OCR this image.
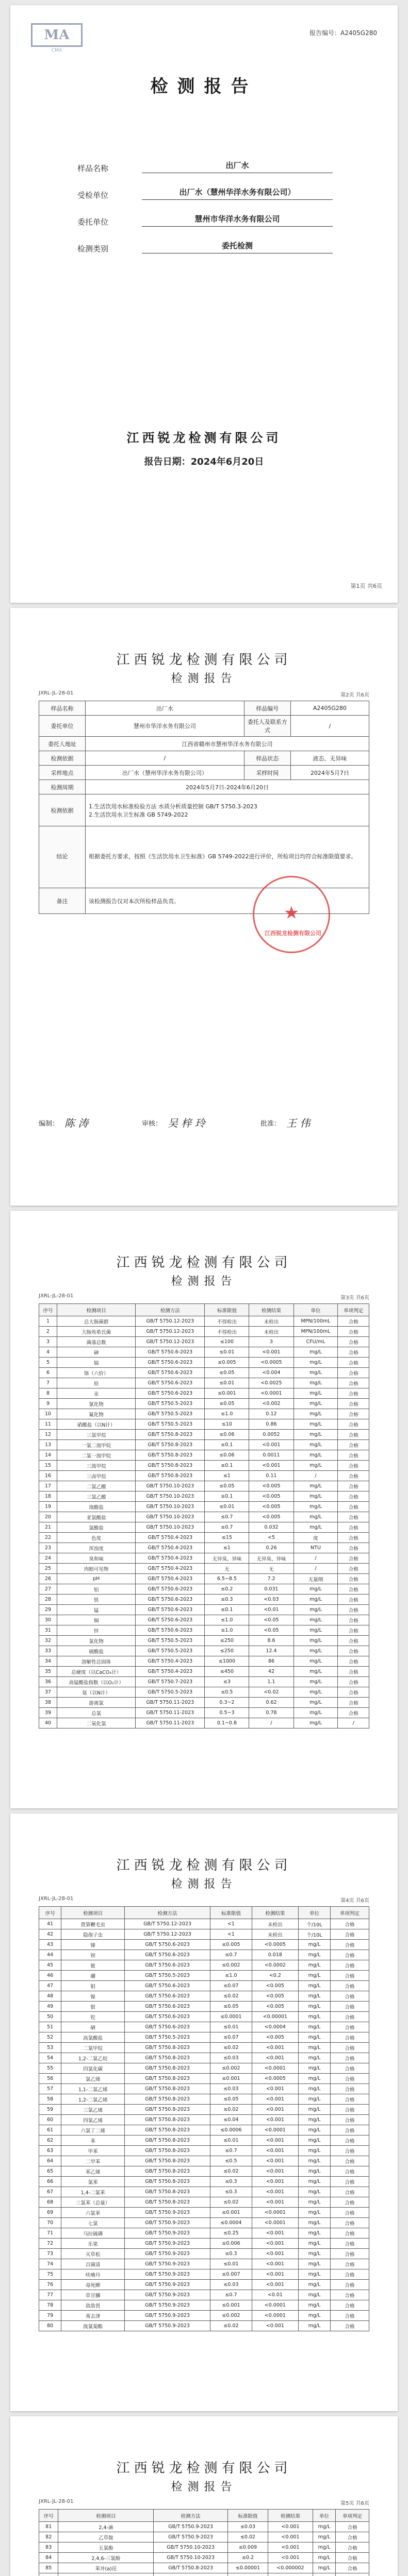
MA
CMA
报告编号：A2405G280
检测报告
样品名称	出厂水
受检单位	出厂水（慧州华洋水务有限公司）
委托单位	慧州市华洋水务有限公司
检测类别	委托检测
江西锐龙检测有限公司
报告日期：2024年6月20日
第1页 共6页
江西锐龙检测有限公司
检测报告
JXRL-JL-28-01	第2页 共6页
样品名称	出厂水	样品编号	A2405G280
委托单位	慧州市华洋水务有限公司	委托人及联系方式	/
委托人地址	江西省赣州市慧州华洋水务有限公司		
检测依据	/	样品状态	液态、无异味
采样地点	出厂水（慧州华洋水务有限公司）	采样时间	2024年5月7日
检测周期	2024年5月7日-2024年6月20日		
检测依据	1.生活饮用水标准检验方法 水质分析质量控制 GB/T 5750.3-2023
2.生活饮用水卫生标准 GB 5749-2022		

结论	根据委托方要求，按照《生活饮用水卫生标准》GB 5749-2022进行评价，所检项目均符合标准限值要求。		
备注	该检测报告仅对本次所检样品负责。		
★
江西锐龙检测有限公司
编制： 陈 涛	审核： 吴 梓 玲	批准： 王 伟
江西锐龙检测有限公司
检测报告
JXRL-JL-28-01	第3页 共6页
序号	检测项目	检测方法	标准限值	检测结果	单位	单项判定
1	总大肠菌群	GB/T 5750.12-2023	不得检出	未检出	MPN/100mL	合格
2	大肠埃希氏菌	GB/T 5750.12-2023	不得检出	未检出	MPN/100mL	合格
3	菌落总数	GB/T 5750.12-2023	≤100	3	CFU/mL	合格
4	砷	GB/T 5750.6-2023	≤0.01	<0.001	mg/L	合格
5	镉	GB/T 5750.6-2023	≤0.005	<0.0005	mg/L	合格
6	铬（六价）	GB/T 5750.6-2023	≤0.05	<0.004	mg/L	合格
7	铅	GB/T 5750.6-2023	≤0.01	<0.0025	mg/L	合格
8	汞	GB/T 5750.6-2023	≤0.001	<0.0001	mg/L	合格
9	氰化物	GB/T 5750.5-2023	≤0.05	<0.002	mg/L	合格
10	氟化物	GB/T 5750.5-2023	≤1.0	0.12	mg/L	合格
11	硝酸盐（以N计）	GB/T 5750.5-2023	≤10	0.86	mg/L	合格
12	三氯甲烷	GB/T 5750.8-2023	≤0.06	0.0052	mg/L	合格
13	一氯二溴甲烷	GB/T 5750.8-2023	≤0.1	<0.001	mg/L	合格
14	二氯一溴甲烷	GB/T 5750.8-2023	≤0.06	0.0011	mg/L	合格
15	三溴甲烷	GB/T 5750.8-2023	≤0.1	<0.001	mg/L	合格
16	三卤甲烷	GB/T 5750.8-2023	≤1	0.11	/	合格
17	二氯乙酸	GB/T 5750.10-2023	≤0.05	<0.005	mg/L	合格
18	三氯乙酸	GB/T 5750.10-2023	≤0.1	<0.005	mg/L	合格
19	溴酸盐	GB/T 5750.10-2023	≤0.01	<0.005	mg/L	合格
20	亚氯酸盐	GB/T 5750.10-2023	≤0.7	<0.005	mg/L	合格
21	氯酸盐	GB/T 5750.10-2023	≤0.7	0.032	mg/L	合格
22	色度	GB/T 5750.4-2023	≤15	<5	度	合格
23	浑浊度	GB/T 5750.4-2023	≤1	0.26	NTU	合格
24	臭和味	GB/T 5750.4-2023	无异臭、异味	无异臭、异味	/	合格
25	肉眼可见物	GB/T 5750.4-2023	无	无	/	合格
26	pH	GB/T 5750.4-2023	6.5~8.5	7.2	无量纲	合格
27	铝	GB/T 5750.6-2023	≤0.2	0.031	mg/L	合格
28	铁	GB/T 5750.6-2023	≤0.3	<0.03	mg/L	合格
29	锰	GB/T 5750.6-2023	≤0.1	<0.01	mg/L	合格
30	铜	GB/T 5750.6-2023	≤1.0	<0.05	mg/L	合格
31	锌	GB/T 5750.6-2023	≤1.0	<0.05	mg/L	合格
32	氯化物	GB/T 5750.5-2023	≤250	8.6	mg/L	合格
33	硫酸盐	GB/T 5750.5-2023	≤250	12.4	mg/L	合格
34	溶解性总固体	GB/T 5750.4-2023	≤1000	86	mg/L	合格
35	总硬度（以CaCO₃计）	GB/T 5750.4-2023	≤450	42	mg/L	合格
36	高锰酸盐指数（以O₂计）	GB/T 5750.7-2023	≤3	1.1	mg/L	合格
37	氨（以N计）	GB/T 5750.5-2023	≤0.5	<0.02	mg/L	合格
38	游离氯	GB/T 5750.11-2023	0.3~2	0.62	mg/L	合格
39	总氯	GB/T 5750.11-2023	0.5~3	0.78	mg/L	合格
40	二氧化氯	GB/T 5750.11-2023	0.1~0.8	/	mg/L	/
江西锐龙检测有限公司
检测报告
JXRL-JL-28-01	第4页 共6页
序号	检测项目	检测方法	标准限值	检测结果	单位	单项判定
41	贾第鞭毛虫	GB/T 5750.12-2023	<1	未检出	个/10L	合格
42	隐孢子虫	GB/T 5750.12-2023	<1	未检出	个/10L	合格
43	锑	GB/T 5750.6-2023	≤0.005	<0.0005	mg/L	合格
44	钡	GB/T 5750.6-2023	≤0.7	0.018	mg/L	合格
45	铍	GB/T 5750.6-2023	≤0.002	<0.0002	mg/L	合格
46	硼	GB/T 5750.5-2023	≤1.0	<0.2	mg/L	合格
47	钼	GB/T 5750.6-2023	≤0.07	<0.005	mg/L	合格
48	镍	GB/T 5750.6-2023	≤0.02	<0.005	mg/L	合格
49	银	GB/T 5750.6-2023	≤0.05	<0.005	mg/L	合格
50	铊	GB/T 5750.6-2023	≤0.0001	<0.00001	mg/L	合格
51	硒	GB/T 5750.6-2023	≤0.01	<0.0004	mg/L	合格
52	高氯酸盐	GB/T 5750.5-2023	≤0.07	<0.005	mg/L	合格
53	二氯甲烷	GB/T 5750.8-2023	≤0.02	<0.001	mg/L	合格
54	1,2-二氯乙烷	GB/T 5750.8-2023	≤0.03	<0.001	mg/L	合格
55	四氯化碳	GB/T 5750.8-2023	≤0.002	<0.0001	mg/L	合格
56	氯乙烯	GB/T 5750.8-2023	≤0.001	<0.0005	mg/L	合格
57	1,1-二氯乙烯	GB/T 5750.8-2023	≤0.03	<0.001	mg/L	合格
58	1,2-二氯乙烯	GB/T 5750.8-2023	≤0.05	<0.001	mg/L	合格
59	三氯乙烯	GB/T 5750.8-2023	≤0.02	<0.001	mg/L	合格
60	四氯乙烯	GB/T 5750.8-2023	≤0.04	<0.001	mg/L	合格
61	六氯丁二烯	GB/T 5750.8-2023	≤0.0006	<0.0001	mg/L	合格
62	苯	GB/T 5750.8-2023	≤0.01	<0.001	mg/L	合格
63	甲苯	GB/T 5750.8-2023	≤0.7	<0.001	mg/L	合格
64	二甲苯	GB/T 5750.8-2023	≤0.5	<0.001	mg/L	合格
65	苯乙烯	GB/T 5750.8-2023	≤0.02	<0.001	mg/L	合格
66	氯苯	GB/T 5750.8-2023	≤0.3	<0.001	mg/L	合格
67	1,4-二氯苯	GB/T 5750.8-2023	≤0.3	<0.001	mg/L	合格
68	三氯苯（总量）	GB/T 5750.8-2023	≤0.02	<0.001	mg/L	合格
69	六氯苯	GB/T 5750.9-2023	≤0.001	<0.0001	mg/L	合格
70	七氯	GB/T 5750.9-2023	≤0.0004	<0.0001	mg/L	合格
71	马拉硫磷	GB/T 5750.9-2023	≤0.25	<0.001	mg/L	合格
72	乐果	GB/T 5750.9-2023	≤0.006	<0.001	mg/L	合格
73	灭草松	GB/T 5750.9-2023	≤0.3	<0.001	mg/L	合格
74	百菌清	GB/T 5750.9-2023	≤0.01	<0.001	mg/L	合格
75	呋喃丹	GB/T 5750.9-2023	≤0.007	<0.001	mg/L	合格
76	毒死蜱	GB/T 5750.9-2023	≤0.03	<0.001	mg/L	合格
77	草甘膦	GB/T 5750.9-2023	≤0.7	<0.01	mg/L	合格
78	敌敌畏	GB/T 5750.9-2023	≤0.001	<0.0001	mg/L	合格
79	莠去津	GB/T 5750.9-2023	≤0.002	<0.0001	mg/L	合格
80	溴氰菊酯	GB/T 5750.9-2023	≤0.02	<0.001	mg/L	合格
江西锐龙检测有限公司
检测报告
JXRL-JL-28-01	第5页 共6页
序号	检测项目	检测方法	标准限值	检测结果	单位	单项判定
81	2,4-滴	GB/T 5750.9-2023	≤0.03	<0.001	mg/L	合格
82	乙草胺	GB/T 5750.9-2023	≤0.02	<0.001	mg/L	合格
83	五氯酚	GB/T 5750.10-2023	≤0.009	<0.001	mg/L	合格
84	2,4,6-三氯酚	GB/T 5750.10-2023	≤0.2	<0.001	mg/L	合格
85	苯并(a)芘	GB/T 5750.8-2023	≤0.00001	<0.000002	mg/L	合格
